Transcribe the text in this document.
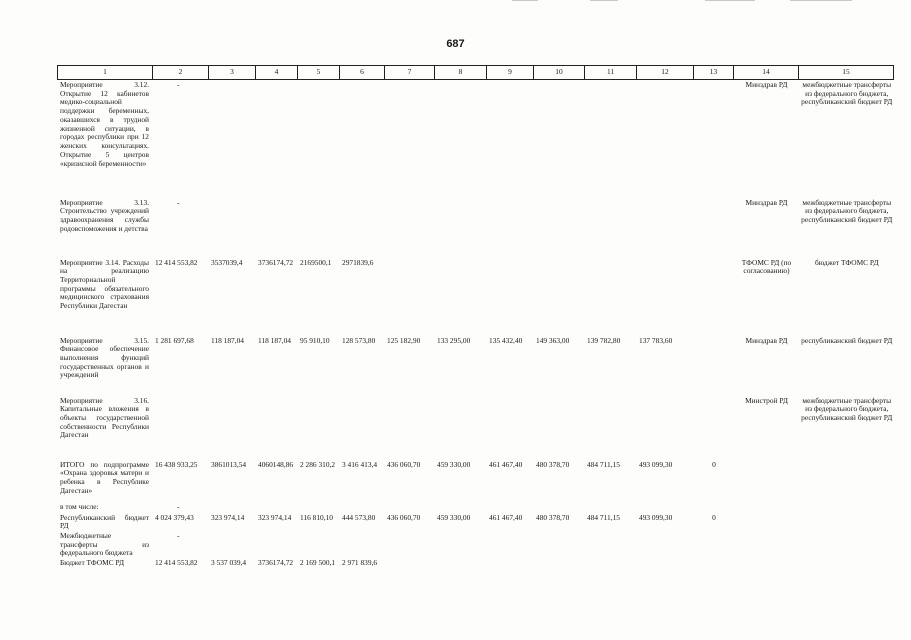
687
1	2	3	4	5	6	7	8	9	10	11	12	13	14	15
Мероприятие 3.12. Открытие 12 кабинетов медико-социальной поддержки беременных, оказавшихся в трудной жизненной ситуации, в городах республики при 12 женских консультациях. Открытие 5 центров «кризисной беременности»	-												Минздрав РД	межбюджетные трансферты из федерального бюджета, республиканский бюджет РД
Мероприятие 3.13. Строительство учреждений здравоохранения службы родовспоможения и детства	-												Минздрав РД	межбюджетные трансферты из федерального бюджета, республиканский бюджет РД
Мероприятие 3.14. Расходы на реализацию Территориальной программы обязательного медицинского страхования Республики Дагестан	12 414 553,82	3537039,4	3736174,72	2169500,1	2971839,6								ТФОМС РД (по согласованию)	бюджет ТФОМС РД
Мероприятие 3.15. Финансовое обеспечение выполнения функций государственных органов и учреждений	1 281 697,68	118 187,04	118 187,04	95 910,10	128 573,80	125 182,90	133 295,00	135 432,40	149 363,00	139 782,80	137 783,60		Минздрав РД	республиканский бюджет РД
Мероприятие 3.16. Капитальные вложения в объекты государственной собственности Республики Дагестан													Минстрой РД	межбюджетные трансферты из федерального бюджета, республиканский бюджет РД
ИТОГО по подпрограмме «Охрана здоровья матери и ребенка в Республике Дагестан»	16 438 933,25	3861013,54	4060148,86	2 286 310,2	3 416 413,4	436 060,70	459 330,00	461 467,40	480 378,70	484 711,15	493 099,30	0		
в том числе:	-													
Республиканский бюджет РД	4 024 379,43	323 974,14	323 974,14	116 810,10	444 573,80	436 060,70	459 330,00	461 467,40	480 378,70	484 711,15	493 099,30	0		
Межбюджетные трансферты из федерального бюджета	-													
Бюджет ТФОМС РД	12 414 553,82	3 537 039,4	3736174,72	2 169 500,1	2 971 839,6									
